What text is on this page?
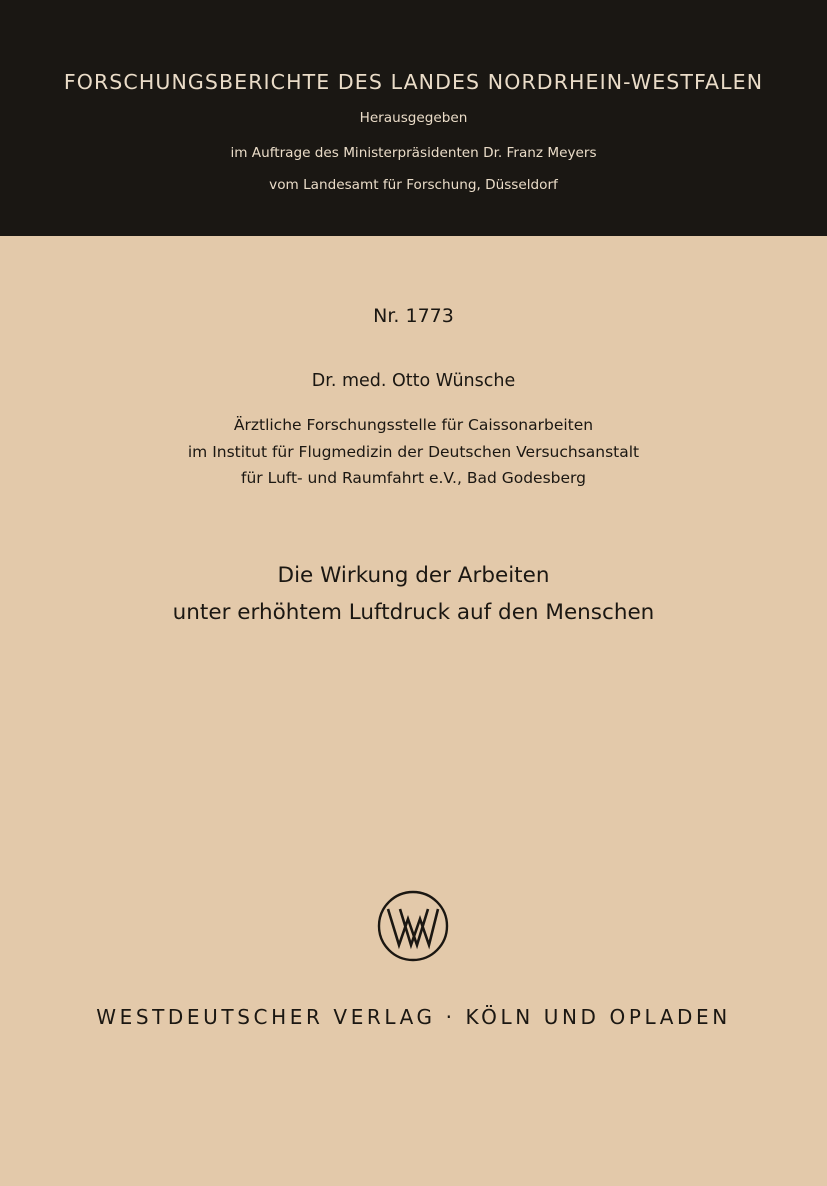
FORSCHUNGSBERICHTE DES LANDES NORDRHEIN-WESTFALEN
Herausgegeben
im Auftrage des Ministerpräsidenten Dr. Franz Meyers
vom Landesamt für Forschung, Düsseldorf
Nr. 1773
Dr. med. Otto Wünsche
Ärztliche Forschungsstelle für Caissonarbeiten
im Institut für Flugmedizin der Deutschen Versuchsanstalt
für Luft- und Raumfahrt e.V., Bad Godesberg
Die Wirkung der Arbeiten
unter erhöhtem Luftdruck auf den Menschen
WESTDEUTSCHER VERLAG · KÖLN UND OPLADEN
